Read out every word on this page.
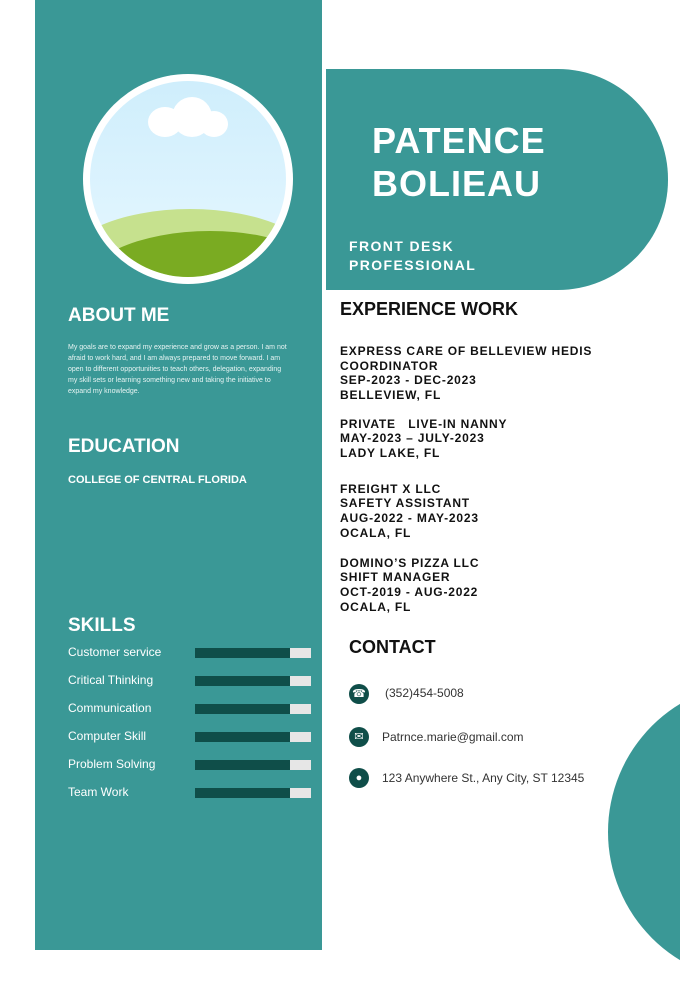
ABOUT ME
My goals are to expand my experience and grow as a person. I am not afraid to work hard, and I am always prepared to move forward. I am open to different opportunities to teach others, delegation, expanding my skill sets or learning something new and taking the initiative to expand my knowledge.
EDUCATION
COLLEGE OF CENTRAL FLORIDA
SKILLS
Customer service
Critical Thinking
Communication
Computer Skill
Problem Solving
Team Work
PATENCE
BOLIEAU
FRONT DESK
PROFESSIONAL
EXPERIENCE WORK
EXPRESS CARE OF BELLEVIEW HEDIS
COORDINATOR
SEP-2023 - DEC-2023
BELLEVIEW, FL
PRIVATE   LIVE-IN NANNY
MAY-2023 – JULY-2023
LADY LAKE, FL
FREIGHT X LLC
SAFETY ASSISTANT
AUG-2022 - MAY-2023
OCALA, FL
DOMINO’S PIZZA LLC
SHIFT MANAGER
OCT-2019 - AUG-2022
OCALA, FL
CONTACT
☎ (352)454-5008
✉	Patrnce.marie@gmail.com
●	123 Anywhere St., Any City, ST 12345
